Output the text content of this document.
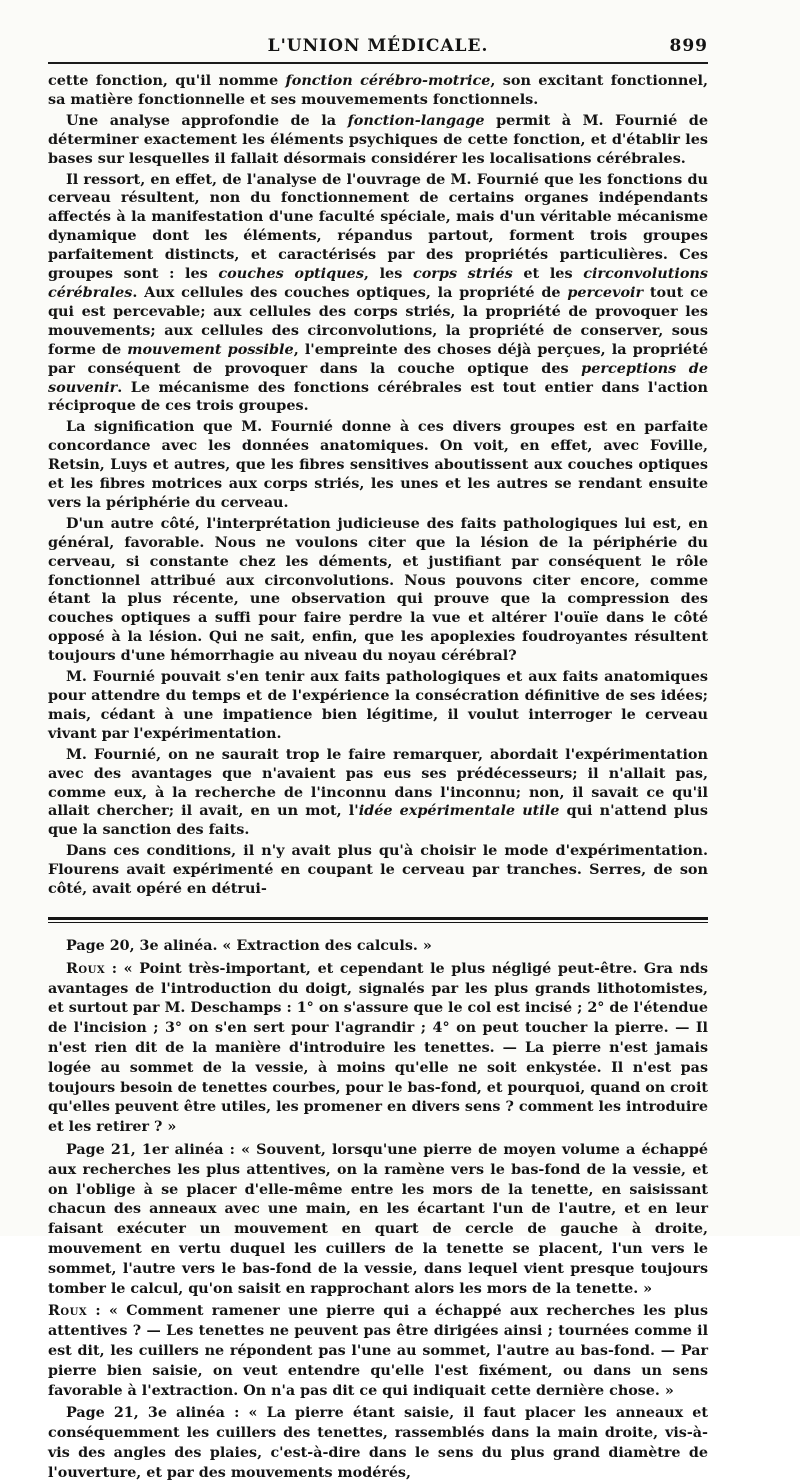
L'UNION MÉDICALE.	899

cette fonction, qu'il nomme fonction cérébro-motrice, son excitant fonctionnel, sa matière fonctionnelle et ses mouvemements fonctionnels.

Une analyse approfondie de la fonction-langage permit à M. Fournié de déterminer exactement les éléments psychiques de cette fonction, et d'établir les bases sur lesquelles il fallait désormais considérer les localisations cérébrales.

Il ressort, en effet, de l'analyse de l'ouvrage de M. Fournié que les fonctions du cerveau résultent, non du fonctionnement de certains organes indépendants affectés à la manifestation d'une faculté spéciale, mais d'un véritable mécanisme dynamique dont les éléments, répandus partout, forment trois groupes parfaitement distincts, et caractérisés par des propriétés particulières. Ces groupes sont : les couches optiques, les corps striés et les circonvolutions cérébrales. Aux cellules des couches optiques, la propriété de percevoir tout ce qui est percevable; aux cellules des corps striés, la propriété de provoquer les mouvements; aux cellules des circonvolutions, la propriété de conserver, sous forme de mouvement possible, l'empreinte des choses déjà perçues, la propriété par conséquent de provoquer dans la couche optique des perceptions de souvenir. Le mécanisme des fonctions cérébrales est tout entier dans l'action réciproque de ces trois groupes.

La signification que M. Fournié donne à ces divers groupes est en parfaite concordance avec les données anatomiques. On voit, en effet, avec Foville, Retsin, Luys et autres, que les fibres sensitives aboutissent aux couches optiques et les fibres motrices aux corps striés, les unes et les autres se rendant ensuite vers la périphérie du cerveau.

D'un autre côté, l'interprétation judicieuse des faits pathologiques lui est, en général, favorable. Nous ne voulons citer que la lésion de la périphérie du cerveau, si constante chez les déments, et justifiant par conséquent le rôle fonctionnel attribué aux circonvolutions. Nous pouvons citer encore, comme étant la plus récente, une observation qui prouve que la compression des couches optiques a suffi pour faire perdre la vue et altérer l'ouïe dans le côté opposé à la lésion. Qui ne sait, enfin, que les apoplexies foudroyantes résultent toujours d'une hémorrhagie au niveau du noyau cérébral?

M. Fournié pouvait s'en tenir aux faits pathologiques et aux faits anatomiques pour attendre du temps et de l'expérience la consécration définitive de ses idées; mais, cédant à une impatience bien légitime, il voulut interroger le cerveau vivant par l'expérimentation.

M. Fournié, on ne saurait trop le faire remarquer, abordait l'expérimentation avec des avantages que n'avaient pas eus ses prédécesseurs; il n'allait pas, comme eux, à la recherche de l'inconnu dans l'inconnu; non, il savait ce qu'il allait chercher; il avait, en un mot, l'idée expérimentale utile qui n'attend plus que la sanction des faits.

Dans ces conditions, il n'y avait plus qu'à choisir le mode d'expérimentation. Flourens avait expérimenté en coupant le cerveau par tranches. Serres, de son côté, avait opéré en détrui-

Page 20, 3e alinéa. « Extraction des calculs. »

Roux : « Point très-important, et cependant le plus négligé peut-être. Gra nds avantages de l'introduction du doigt, signalés par les plus grands lithotomistes, et surtout par M. Deschamps : 1° on s'assure que le col est incisé ; 2° de l'étendue de l'incision ; 3° on s'en sert pour l'agrandir ; 4° on peut toucher la pierre. — Il n'est rien dit de la manière d'introduire les tenettes. — La pierre n'est jamais logée au sommet de la vessie, à moins qu'elle ne soit enkystée. Il n'est pas toujours besoin de tenettes courbes, pour le bas-fond, et pourquoi, quand on croit qu'elles peuvent être utiles, les promener en divers sens ? comment les introduire et les retirer ? »

Page 21, 1er alinéa : « Souvent, lorsqu'une pierre de moyen volume a échappé aux recherches les plus attentives, on la ramène vers le bas-fond de la vessie, et on l'oblige à se placer d'elle-même entre les mors de la tenette, en saisissant chacun des anneaux avec une main, en les écartant l'un de l'autre, et en leur faisant exécuter un mouvement en quart de cercle de gauche à droite, mouvement en vertu duquel les cuillers de la tenette se placent, l'un vers le sommet, l'autre vers le bas-fond de la vessie, dans lequel vient presque toujours tomber le calcul, qu'on saisit en rapprochant alors les mors de la tenette. »

Roux : « Comment ramener une pierre qui a échappé aux recherches les plus attentives ? — Les tenettes ne peuvent pas être dirigées ainsi ; tournées comme il est dit, les cuillers ne répondent pas l'une au sommet, l'autre au bas-fond. — Par pierre bien saisie, on veut entendre qu'elle l'est fixément, ou dans un sens favorable à l'extraction. On n'a pas dit ce qui indiquait cette dernière chose. »

Page 21, 3e alinéa : « La pierre étant saisie, il faut placer les anneaux et conséquemment les cuillers des tenettes, rassemblés dans la main droite, vis-à-vis des angles des plaies, c'est-à-dire dans le sens du plus grand diamètre de l'ouverture, et par des mouvements modérés,
